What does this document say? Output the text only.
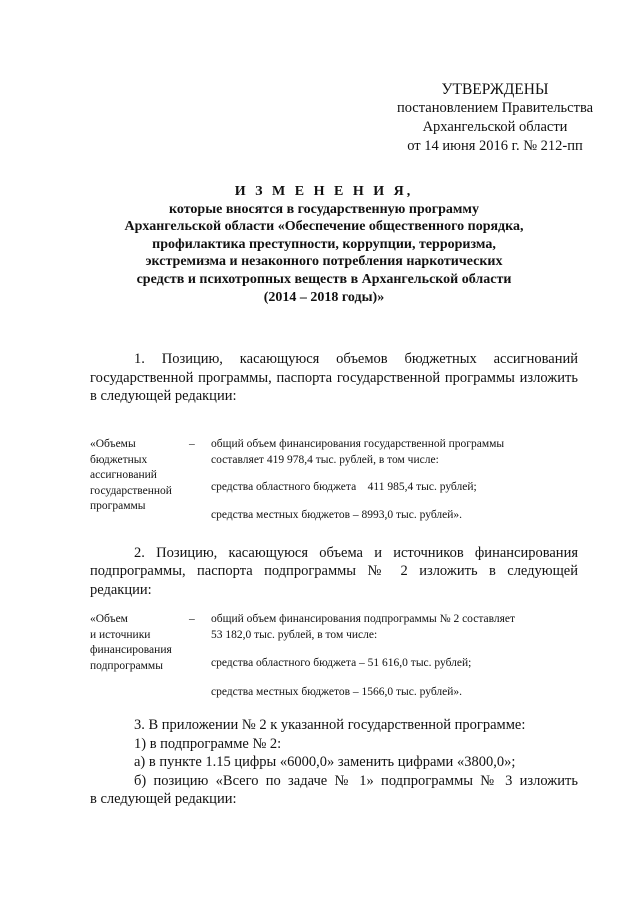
УТВЕРЖДЕНЫ
постановлением Правительства
Архангельской области
от 14 июня 2016 г. № 212-пп
И З М Е Н Е Н И Я,
которые вносятся в государственную программу
Архангельской области «Обеспечение общественного порядка,
профилактика преступности, коррупции, терроризма,
экстремизма и незаконного потребления наркотических
средств и психотропных веществ в Архангельской области
(2014 – 2018 годы)»
1. Позицию, касающуюся объемов бюджетных ассигнований государственной программы, паспорта государственной программы изложить в следующей редакции:
«Объемы
бюджетных
ассигнований
государственной
программы
– общий объем финансирования государственной программы
составляет 419 978,4 тыс. рублей, в том числе:
средства областного бюджета    411 985,4 тыс. рублей;
средства местных бюджетов – 8993,0 тыс. рублей».
2. Позицию, касающуюся объема и источников финансирования
подпрограммы, паспорта подпрограммы № 2 изложить в следующей
редакции:
«Объем
и источники
финансирования
подпрограммы
– общий объем финансирования подпрограммы № 2 составляет
53 182,0 тыс. рублей, в том числе:
средства областного бюджета – 51 616,0 тыс. рублей;
средства местных бюджетов – 1566,0 тыс. рублей».
3. В приложении № 2 к указанной государственной программе:
1) в подпрограмме № 2:
а) в пункте 1.15 цифры «6000,0» заменить цифрами «3800,0»;
б) позицию «Всего по задаче № 1» подпрограммы № 3 изложить
в следующей редакции:
